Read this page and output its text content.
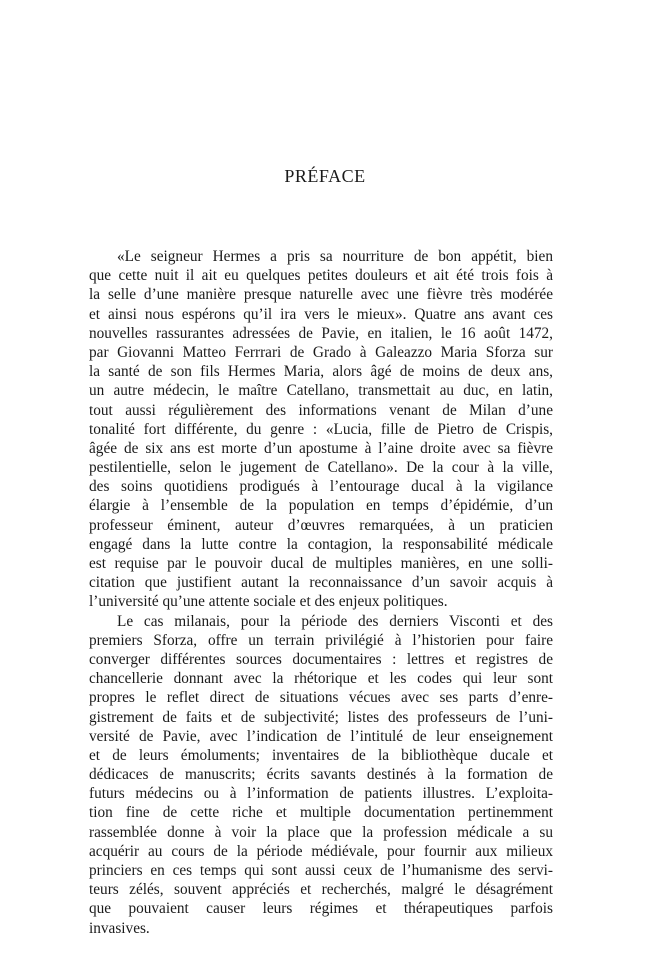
PRÉFACE
«Le seigneur Hermes a pris sa nourriture de bon appétit, bien
que cette nuit il ait eu quelques petites douleurs et ait été trois fois à
la selle d’une manière presque naturelle avec une fièvre très modérée
et ainsi nous espérons qu’il ira vers le mieux». Quatre ans avant ces
nouvelles rassurantes adressées de Pavie, en italien, le 16 août 1472,
par Giovanni Matteo Ferrrari de Grado à Galeazzo Maria Sforza sur
la santé de son fils Hermes Maria, alors âgé de moins de deux ans,
un autre médecin, le maître Catellano, transmettait au duc, en latin,
tout aussi régulièrement des informations venant de Milan d’une
tonalité fort différente, du genre : «Lucia, fille de Pietro de Crispis,
âgée de six ans est morte d’un apostume à l’aine droite avec sa fièvre
pestilentielle, selon le jugement de Catellano». De la cour à la ville,
des soins quotidiens prodigués à l’entourage ducal à la vigilance
élargie à l’ensemble de la population en temps d’épidémie, d’un
professeur éminent, auteur d’œuvres remarquées, à un praticien
engagé dans la lutte contre la contagion, la responsabilité médicale
est requise par le pouvoir ducal de multiples manières, en une solli-
citation que justifient autant la reconnaissance d’un savoir acquis à
l’université qu’une attente sociale et des enjeux politiques.
Le cas milanais, pour la période des derniers Visconti et des
premiers Sforza, offre un terrain privilégié à l’historien pour faire
converger différentes sources documentaires : lettres et registres de
chancellerie donnant avec la rhétorique et les codes qui leur sont
propres le reflet direct de situations vécues avec ses parts d’enre-
gistrement de faits et de subjectivité; listes des professeurs de l’uni-
versité de Pavie, avec l’indication de l’intitulé de leur enseignement
et de leurs émoluments; inventaires de la bibliothèque ducale et
dédicaces de manuscrits; écrits savants destinés à la formation de
futurs médecins ou à l’information de patients illustres. L’exploita-
tion fine de cette riche et multiple documentation pertinemment
rassemblée donne à voir la place que la profession médicale a su
acquérir au cours de la période médiévale, pour fournir aux milieux
princiers en ces temps qui sont aussi ceux de l’humanisme des servi-
teurs zélés, souvent appréciés et recherchés, malgré le désagrément
que pouvaient causer leurs régimes et thérapeutiques parfois
invasives.
